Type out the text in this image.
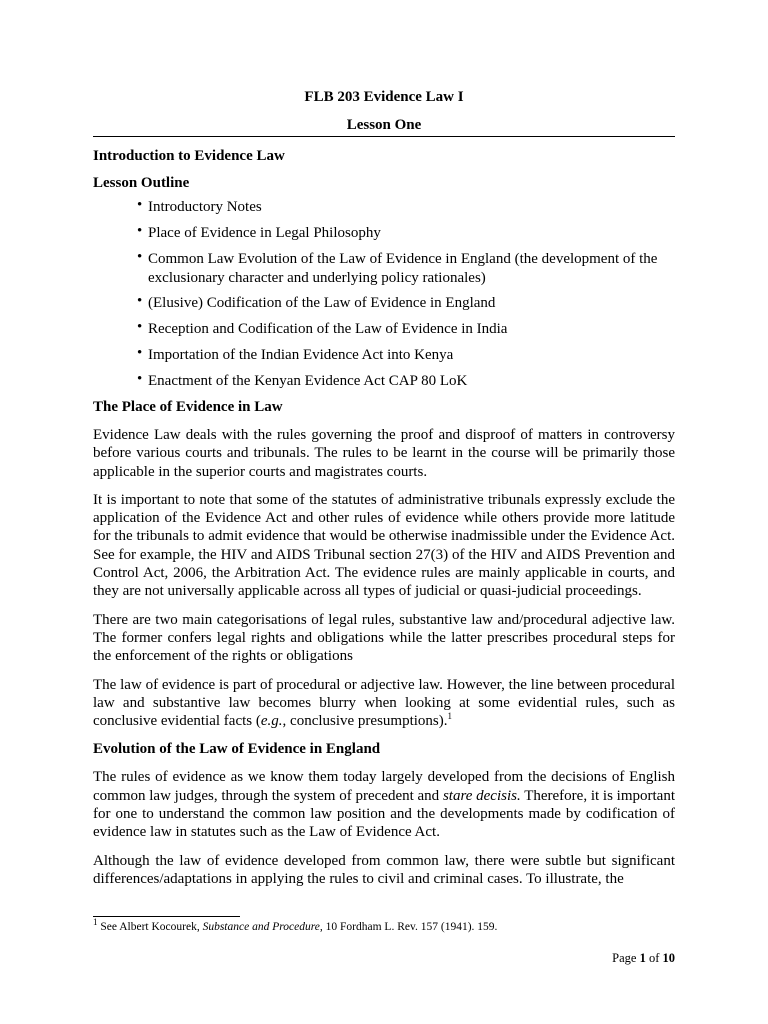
FLB 203 Evidence Law I
Lesson One
Introduction to Evidence Law
Lesson Outline
• Introductory Notes
• Place of Evidence in Legal Philosophy
• Common Law Evolution of the Law of Evidence in England (the development of the exclusionary character and underlying policy rationales)
• (Elusive) Codification of the Law of Evidence in England
• Reception and Codification of the Law of Evidence in India
• Importation of the Indian Evidence Act into Kenya
• Enactment of the Kenyan Evidence Act CAP 80 LoK
The Place of Evidence in Law

Evidence Law deals with the rules governing the proof and disproof of matters in controversy before various courts and tribunals. The rules to be learnt in the course will be primarily those applicable in the superior courts and magistrates courts.

It is important to note that some of the statutes of administrative tribunals expressly exclude the application of the Evidence Act and other rules of evidence while others provide more latitude for the tribunals to admit evidence that would be otherwise inadmissible under the Evidence Act. See for example, the HIV and AIDS Tribunal section 27(3) of the HIV and AIDS Prevention and Control Act, 2006, the Arbitration Act. The evidence rules are mainly applicable in courts, and they are not universally applicable across all types of judicial or quasi-judicial proceedings.

There are two main categorisations of legal rules, substantive law and/procedural adjective law. The former confers legal rights and obligations while the latter prescribes procedural steps for the enforcement of the rights or obligations

The law of evidence is part of procedural or adjective law. However, the line between procedural law and substantive law becomes blurry when looking at some evidential rules, such as conclusive evidential facts (e.g., conclusive presumptions).$^1$

Evolution of the Law of Evidence in England

The rules of evidence as we know them today largely developed from the decisions of English common law judges, through the system of precedent and stare decisis. Therefore, it is important for one to understand the common law position and the developments made by codification of evidence law in statutes such as the Law of Evidence Act.

Although the law of evidence developed from common law, there were subtle but significant differences/adaptations in applying the rules to civil and criminal cases. To illustrate, the

$^1$ See Albert Kocourek, Substance and Procedure, 10 Fordham L. Rev. 157 (1941). 159.
Page 1 of 10
